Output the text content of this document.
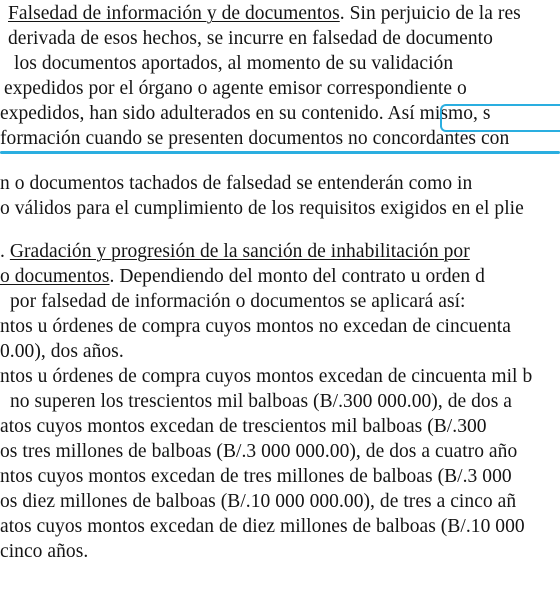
Falsedad de información y de documentos. Sin perjuicio de la res
derivada de esos hechos, se incurre en falsedad de documento
los documentos aportados, al momento de su validación
expedidos por el órgano o agente emisor correspondiente o
expedidos, han sido adulterados en su contenido. Así mismo, s
formación cuando se presenten documentos no concordantes con
n o documentos tachados de falsedad se entenderán como in
o válidos para el cumplimiento de los requisitos exigidos en el plie
. Gradación y progresión de la sanción de inhabilitación por
o documentos. Dependiendo del monto del contrato u orden d
por falsedad de información o documentos se aplicará así:
ntos u órdenes de compra cuyos montos no excedan de cincuenta
0.00), dos años.
ntos u órdenes de compra cuyos montos excedan de cincuenta mil b
no superen los trescientos mil balboas (B/.300 000.00), de dos a
atos cuyos montos excedan de trescientos mil balboas (B/.300
os tres millones de balboas (B/.3 000 000.00), de dos a cuatro año
ntos cuyos montos excedan de tres millones de balboas (B/.3 000
os diez millones de balboas (B/.10 000 000.00), de tres a cinco añ
atos cuyos montos excedan de diez millones de balboas (B/.10 000
cinco años.
